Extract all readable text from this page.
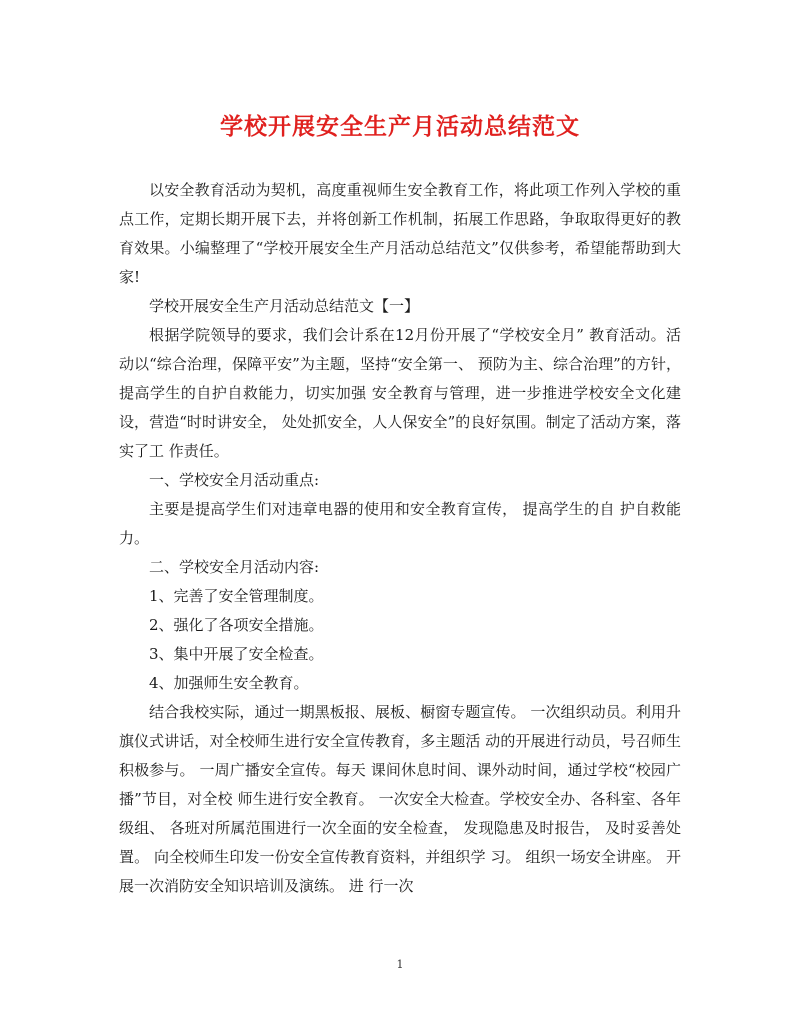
学校开展安全生产月活动总结范文

以安全教育活动为契机，高度重视师生安全教育工作，将此项工作列入学校的重点工作，定期长期开展下去，并将创新工作机制，拓展工作思路，争取取得更好的教育效果。小编整理了“学校开展安全生产月活动总结范文”仅供参考，希望能帮助到大家!

学校开展安全生产月活动总结范文【一】

根据学院领导的要求，我们会计系在12月份开展了“学校安全月” 教育活动。活动以“综合治理，保障平安”为主题，坚持“安全第一、 预防为主、综合治理”的方针，提高学生的自护自救能力，切实加强 安全教育与管理，进一步推进学校安全文化建设，营造“时时讲安全， 处处抓安全，人人保安全”的良好氛围。制定了活动方案，落实了工 作责任。

一、学校安全月活动重点:

主要是提高学生们对违章电器的使用和安全教育宣传， 提高学生的自 护自救能力。

二、学校安全月活动内容:

1、完善了安全管理制度。

2、强化了各项安全措施。

3、集中开展了安全检查。

4、加强师生安全教育。

结合我校实际，通过一期黑板报、展板、橱窗专题宣传。 一次组织动员。利用升旗仪式讲话，对全校师生进行安全宣传教育，多主题活 动的开展进行动员，号召师生积极参与。 一周广播安全宣传。每天 课间休息时间、课外动时间，通过学校“校园广播”节目，对全校 师生进行安全教育。 一次安全大检查。学校安全办、各科室、各年级组、 各班对所属范围进行一次全面的安全检查， 发现隐患及时报告， 及时妥善处置。 向全校师生印发一份安全宣传教育资料，并组织学 习。 组织一场安全讲座。 开展一次消防安全知识培训及演练。 进 行一次

1
